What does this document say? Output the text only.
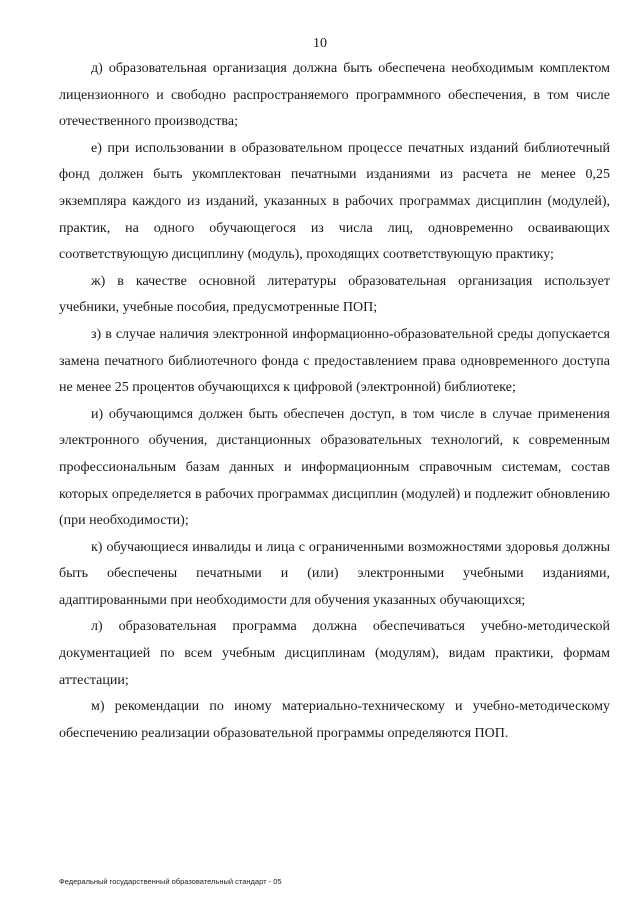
10

д) образовательная организация должна быть обеспечена необходимым комплектом лицензионного и свободно распространяемого программного обеспечения, в том числе отечественного производства;

е) при использовании в образовательном процессе печатных изданий библиотечный фонд должен быть укомплектован печатными изданиями из расчета не менее 0,25 экземпляра каждого из изданий, указанных в рабочих программах дисциплин (модулей), практик, на одного обучающегося из числа лиц, одновременно осваивающих соответствующую дисциплину (модуль), проходящих соответствующую практику;

ж) в качестве основной литературы образовательная организация использует учебники, учебные пособия, предусмотренные ПОП;

з) в случае наличия электронной информационно-образовательной среды допускается замена печатного библиотечного фонда с предоставлением права одновременного доступа не менее 25 процентов обучающихся к цифровой (электронной) библиотеке;

и) обучающимся должен быть обеспечен доступ, в том числе в случае применения электронного обучения, дистанционных образовательных технологий, к современным профессиональным базам данных и информационным справочным системам, состав которых определяется в рабочих программах дисциплин (модулей) и подлежит обновлению (при необходимости);

к) обучающиеся инвалиды и лица с ограниченными возможностями здоровья должны быть обеспечены печатными и (или) электронными учебными изданиями, адаптированными при необходимости для обучения указанных обучающихся;

л) образовательная программа должна обеспечиваться учебно-методической документацией по всем учебным дисциплинам (модулям), видам практики, формам аттестации;

м) рекомендации по иному материально-техническому и учебно-методическому обеспечению реализации образовательной программы определяются ПОП.

Федеральный государственный образовательный стандарт - 05
